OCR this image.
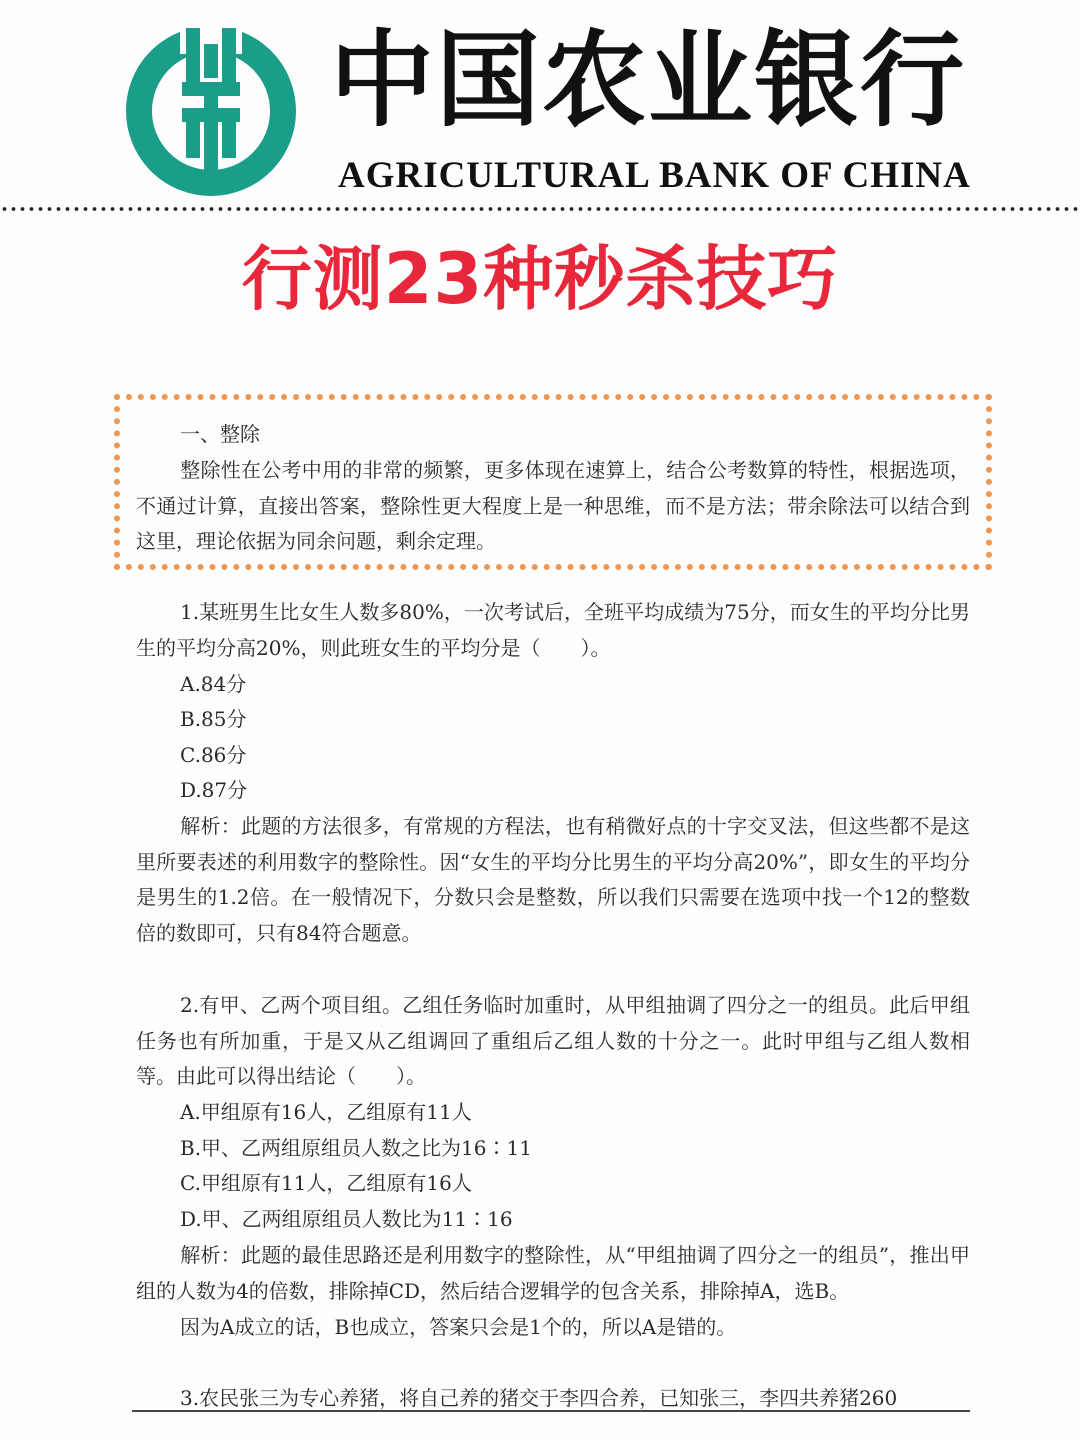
中国农业银行
AGRICULTURAL BANK OF CHINA
行测23种秒杀技巧
一、整除
整除性在公考中用的非常的频繁，更多体现在速算上，结合公考数算的特性，根据选项，不通过计算，直接出答案，整除性更大程度上是一种思维，而不是方法；带余除法可以结合到这里，理论依据为同余问题，剩余定理。
1.某班男生比女生人数多80%，一次考试后，全班平均成绩为75分，而女生的平均分比男生的平均分高20%，则此班女生的平均分是（　　）。
A.84分
B.85分
C.86分
D.87分
解析：此题的方法很多，有常规的方程法，也有稍微好点的十字交叉法，但这些都不是这里所要表述的利用数字的整除性。因“女生的平均分比男生的平均分高20%”，即女生的平均分是男生的1.2倍。在一般情况下，分数只会是整数，所以我们只需要在选项中找一个12的整数倍的数即可，只有84符合题意。
2.有甲、乙两个项目组。乙组任务临时加重时，从甲组抽调了四分之一的组员。此后甲组任务也有所加重，于是又从乙组调回了重组后乙组人数的十分之一。此时甲组与乙组人数相等。由此可以得出结论（　　）。
A.甲组原有16人，乙组原有11人
B.甲、乙两组原组员人数之比为16∶11
C.甲组原有11人，乙组原有16人
D.甲、乙两组原组员人数比为11∶16
解析：此题的最佳思路还是利用数字的整除性，从“甲组抽调了四分之一的组员”，推出甲组的人数为4的倍数，排除掉CD，然后结合逻辑学的包含关系，排除掉A，选B。
因为A成立的话，B也成立，答案只会是1个的，所以A是错的。
3.农民张三为专心养猪，将自己养的猪交于李四合养，已知张三，李四共养猪260
